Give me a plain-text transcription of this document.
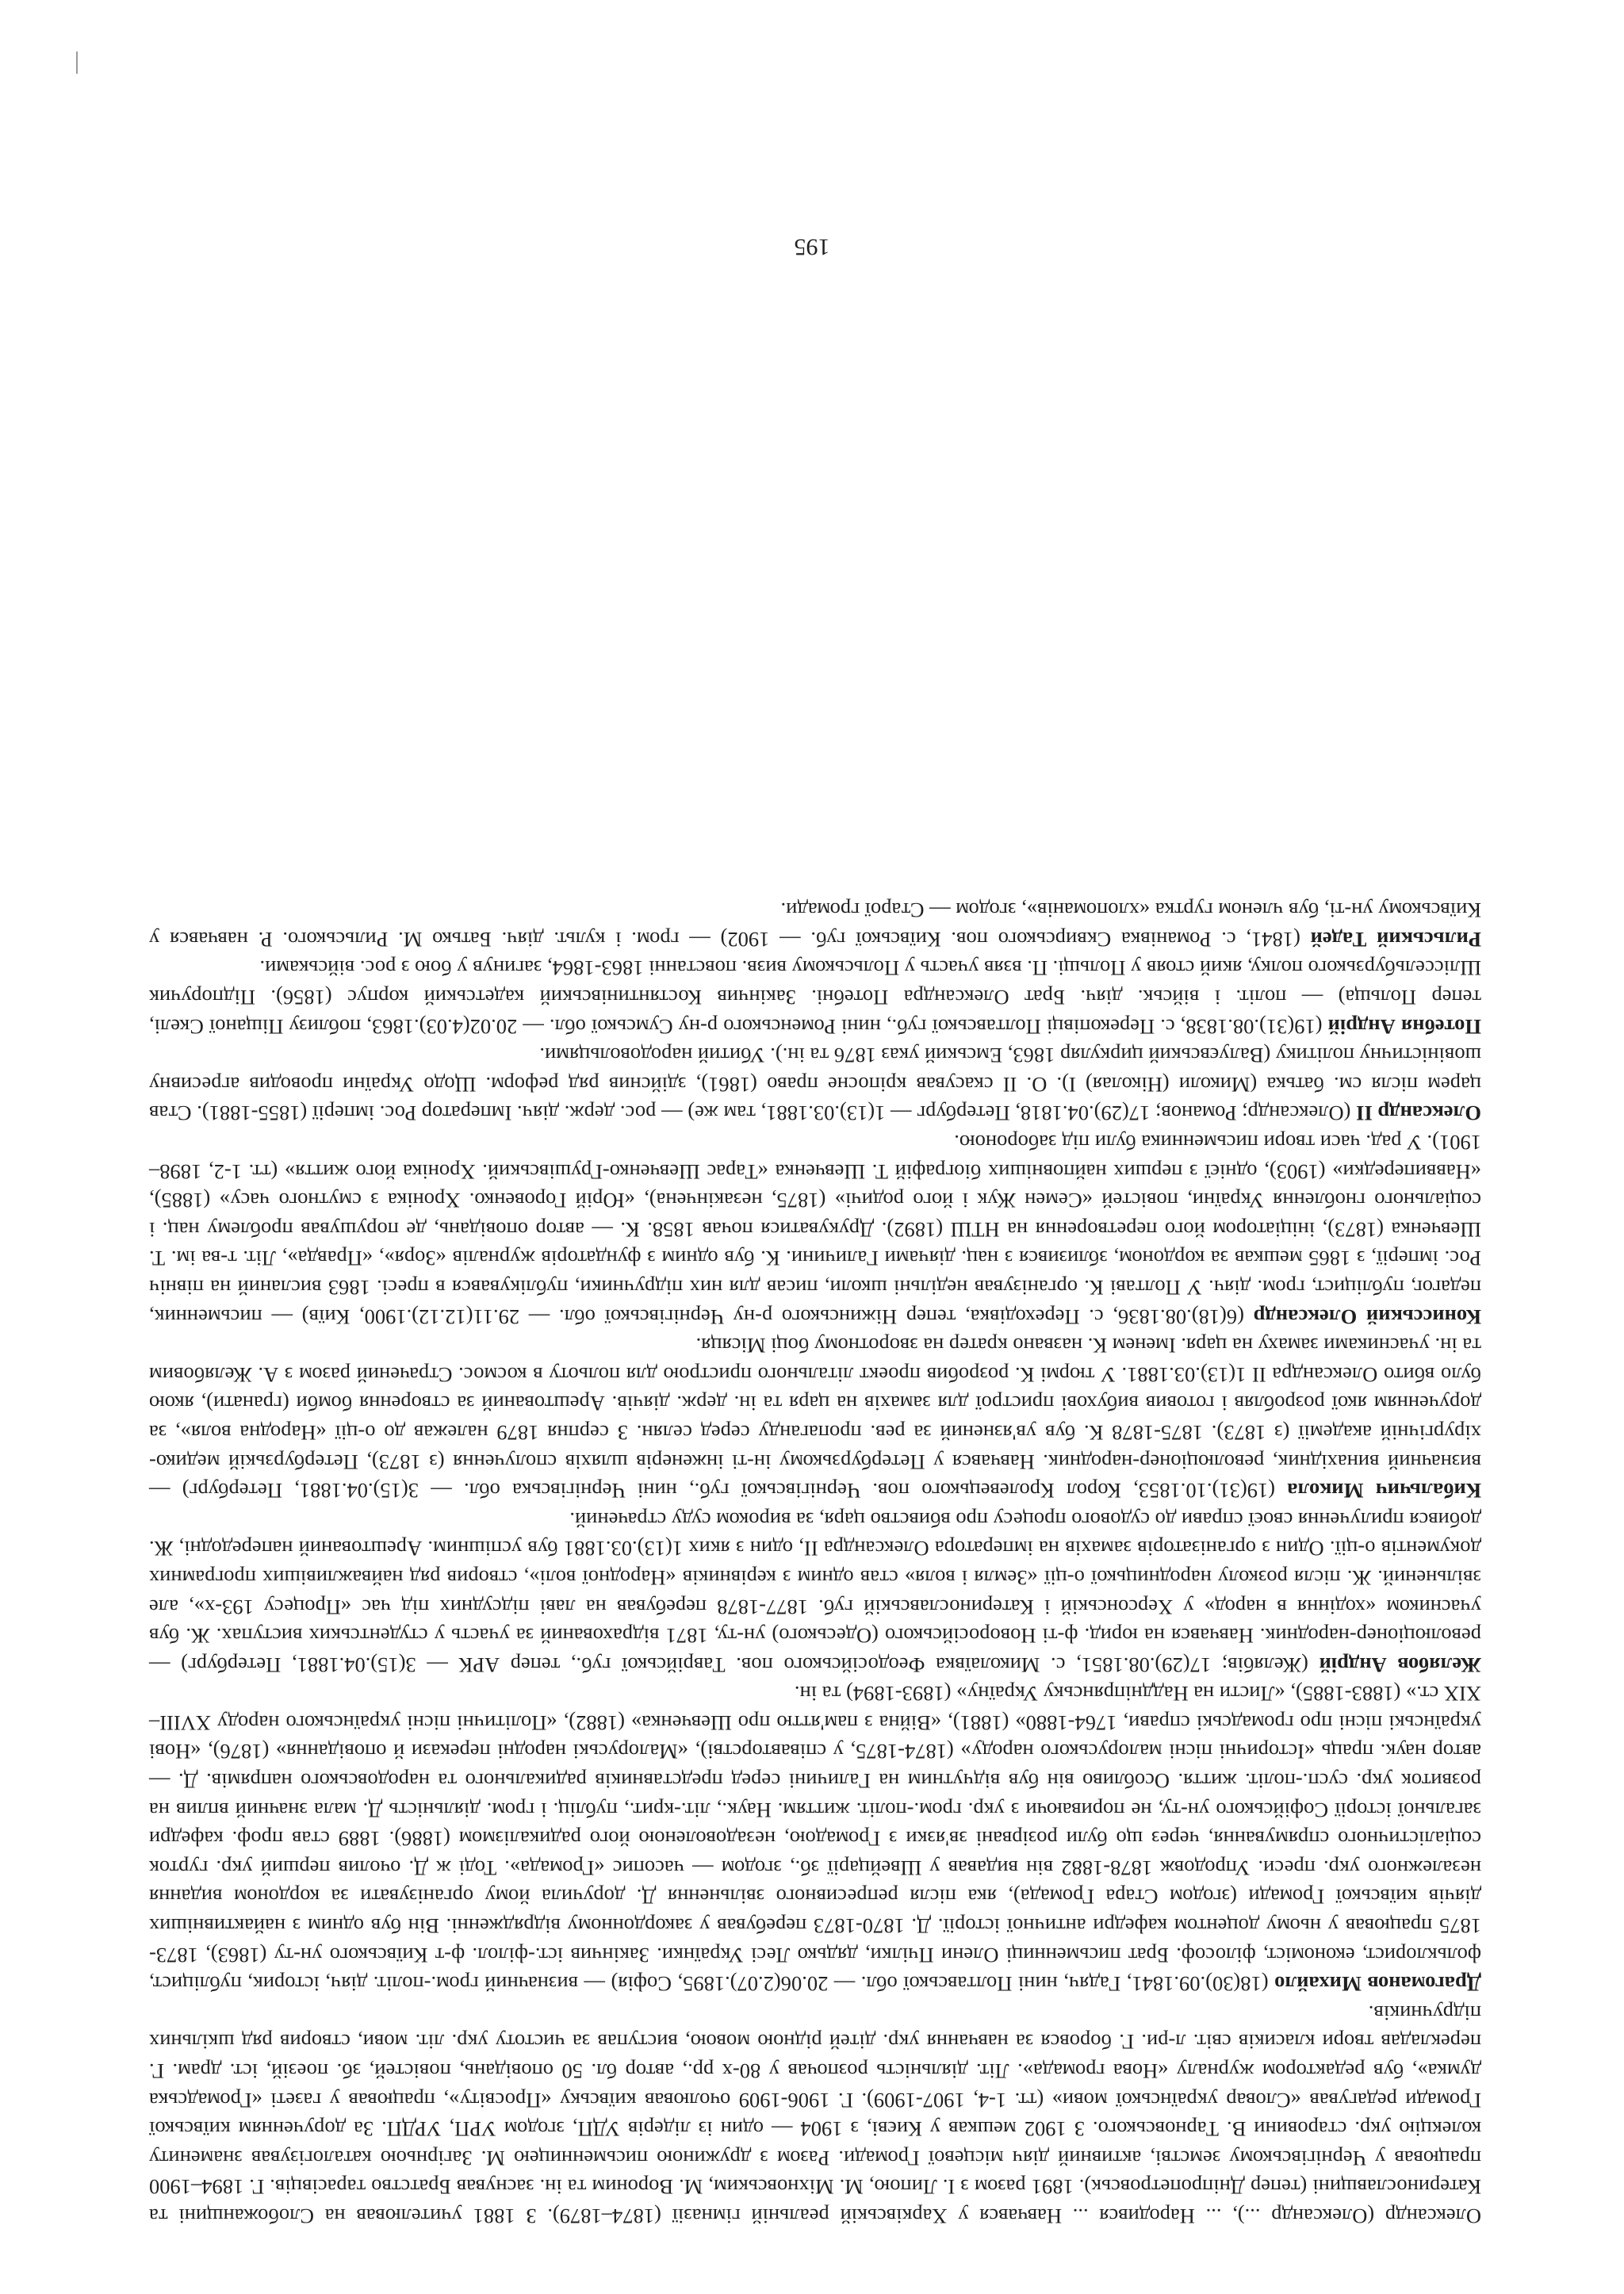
Олександр (Олександр ...), ... Народився ... Навчався у Харківській реальній гімназії (1874–1879). З 1881 учителював на Слобожанщині та Катеринославщині (тепер Дніпропетровськ). 1891 разом з І. Липою, М. Міхновським, М. Вороним та ін. заснував Братство тарасівців. Г. 1894–1900 працював у Чернігівському земстві, активний діяч місцевої Громади. Разом з дружиною письменницею М. Загірньою каталогізував знамениту колекцію укр. старовини В. Тарновського. З 1902 мешкав у Києві, з 1904 — один із лідерів УДП, згодом УРП, УРДП. За дорученням київської Громади редагував «Словар української мови» (тт. 1-4, 1907-1909). Г. 1906-1909 очолював київську «Просвіту», працював у газеті «Громадська думка», був редактором журналу «Нова громада». Літ. діяльність розпочав у 80-х рр., автор бл. 50 оповідань, повістей, зб. поезій, іст. драм. Г. перекладав твори класиків світ. л-ри. Г. боровся за навчання укр. дітей рідною мовою, виступав за чистоту укр. літ. мови, створив ряд шкільних підручників.

Драгоманов Михайло (18(30).09.1841, Гадяч, нині Полтавської обл. — 20.06(2.07).1895, Софія) — визначний гром.-політ. діяч, історик, публіцист, фольклорист, економіст, філософ. Брат письменниці Олени Пчілки, дядько Лесі Українки. Закінчив іст.-філол. ф-т Київського ун-ту (1863), 1873-1875 працював у ньому доцентом кафедри античної історії. Д. 1870-1873 перебував у закордонному відрядженні. Він був одним з найактивніших діячів київської Громади (згодом Стара Громада), яка після репресивного звільнення Д. доручила йому організувати за кордоном видання незалежного укр. преси. Упродовж 1878-1882 він видавав у Швейцарії зб., згодом — часопис «Громада». Тоді ж Д. очолив перший укр. гурток соціалістичного спрямування, через що були розірвані зв'язки з Громадою, незадоволеною його радикалізмом (1886). 1889 став проф. кафедри загальної історії Софійського ун-ту, не пориваючи з укр. гром.-політ. життям. Наук., літ.-крит., публіц. і гром. діяльність Д. мала значний вплив на розвиток укр. сусп.-політ. життя. Особливо він був відчутним на Галичині серед представників радикального та народовського напрямів. Д. — автор наук. праць «Історичні пісні малоруського народу» (1874-1875, у співавторстві), «Малоруські народні перекази й оповідання» (1876), «Нові українські пісні про громадські справи, 1764-1880» (1881), «Війна з пам'яттю про Шевченка» (1882), «Політичні пісні українського народу XVIII–XIX ст.» (1883-1885), «Листи на Наддніпрянську Україну» (1893-1894) та ін.

Желябов Андрій (Желябів; 17(29).08.1851, с. Миколаївка Феодосійського пов. Таврійської губ., тепер АРК — 3(15).04.1881, Петербург) — революціонер-народник. Навчався на юрид. ф-ті Новоросійського (Одеського) ун-ту, 1871 відрахований за участь у студентських виступах. Ж. був учасником «ходіння в народ» у Херсонській і Катеринославській губ. 1877-1878 перебував на лаві підсудних під час «Процесу 193-х», але звільнений. Ж. після розколу народницької о-ції «Земля і воля» став одним з керівників «Народної волі», створив ряд найважливіших програмних документів о-ції. Один з організаторів замахів на імператора Олександра II, один з яких 1(13).03.1881 був успішним. Арештований напередодні, Ж. добився прилучення своєї справи до судового процесу про вбивство царя, за вироком суду страчений.

Кибальчич Микола (19(31).10.1853, Корол Кролевецького пов. Чернігівської губ., нині Чернігівська обл. — 3(15).04.1881, Петербург) — визначний винахідник, революціонер-народник. Навчався у Петербурзькому ін-ті інженерів шляхів сполучення (з 1873), Петербурзькій медико-хірургічній академії (з 1873). 1875-1878 К. був ув'язнений за рев. пропаганду серед селян. З серпня 1879 належав до о-ції «Народна воля», за дорученням якої розробляв і готовив вибухові пристрої для замахів на царя та ін. держ. діячів. Арештований за створення бомби (гранати), якою було вбито Олександра II 1(13).03.1881. У тюрмі К. розробив проект літального пристрою для польоту в космос. Страчений разом з А. Желябовим та ін. учасниками замаху на царя. Іменем К. названо кратер на зворотному боці Місяця.

Конисський Олександр (6(18).08.1836, с. Переходівка, тепер Ніжинського р-ну Чернігівської обл. — 29.11(12.12).1900, Київ) — письменник, педагог, публіцист, гром. діяч. У Полтаві К. організував недільні школи, писав для них підручники, публікувався в пресі. 1863 висланий на північ Рос. імперії, з 1865 мешкав за кордоном, зблизився з нац. діячами Галичини. К. був одним з фундаторів журналів «Зоря», «Правда», Літ. т-ва ім. Т. Шевченка (1873), ініціатором його перетворення на НТШ (1892). Друкуватися почав 1858. К. — автор оповідань, де порушував проблему нац. і соціального гноблення України, повістей «Семен Жук і його родичі» (1875, незакінчена), «Юрій Горовенко. Хроніка з смутного часу» (1885), «Наввипередки» (1903), однієї з перших найповніших біографій Т. Шевченка «Тарас Шевченко-Грушівський. Хроніка його життя» (тт. 1-2, 1898–1901). У рад. часи твори письменника були під забороною.

Олександр II (Олександр; Романов; 17(29).04.1818, Петербург — 1(13).03.1881, там же) — рос. держ. діяч. Імператор Рос. імперії (1855-1881). Став царем після см. батька (Миколи (Ніколая) І). О. II скасував кріпосне право (1861), здійснив ряд реформ. Щодо України проводив агресивну шовіністичну політику (Валуєвський циркуляр 1863, Емський указ 1876 та ін.). Убитий народовольцями.

Потебня Андрій (19(31).08.1838, с. Перекопівці Полтавської губ., нині Роменського р-ну Сумської обл. — 20.02(4.03).1863, поблизу Піщаної Скелі, тепер Польща) — політ. і військ. діяч. Брат Олександра Потебні. Закінчив Костянтинівський кадетський корпус (1856). Підпоручик Шліссельбурзького полку, який стояв у Польщі. П. взяв участь у Польському визв. повстанні 1863-1864, загинув у бою з рос. військами.

Рильський Тадей (1841, с. Романівка Сквирського пов. Київської губ. — 1902) — гром. і культ. діяч. Батько М. Рильського. Р. навчався у Київському ун-ті, був членом гуртка «хлопоманів», згодом — Старої громади.

195
